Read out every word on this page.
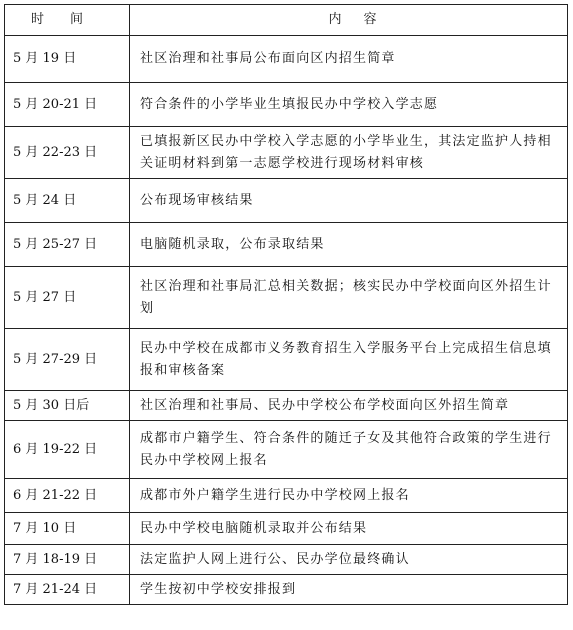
时间	内容
5 月 19 日	社区治理和社事局公布面向区内招生简章
5 月 20-21 日	符合条件的小学毕业生填报民办中学校入学志愿
5 月 22-23 日	已填报新区民办中学校入学志愿的小学毕业生，其法定监护人持相关证明材料到第一志愿学校进行现场材料审核
5 月 24 日	公布现场审核结果
5 月 25-27 日	电脑随机录取，公布录取结果
5 月 27 日	社区治理和社事局汇总相关数据；核实民办中学校面向区外招生计划
5 月 27-29 日	民办中学校在成都市义务教育招生入学服务平台上完成招生信息填报和审核备案
5 月 30 日后	社区治理和社事局、民办中学校公布学校面向区外招生简章
6 月 19-22 日	成都市户籍学生、符合条件的随迁子女及其他符合政策的学生进行民办中学校网上报名
6 月 21-22 日	成都市外户籍学生进行民办中学校网上报名
7 月 10 日	民办中学校电脑随机录取并公布结果
7 月 18-19 日	法定监护人网上进行公、民办学位最终确认
7 月 21-24 日	学生按初中学校安排报到
